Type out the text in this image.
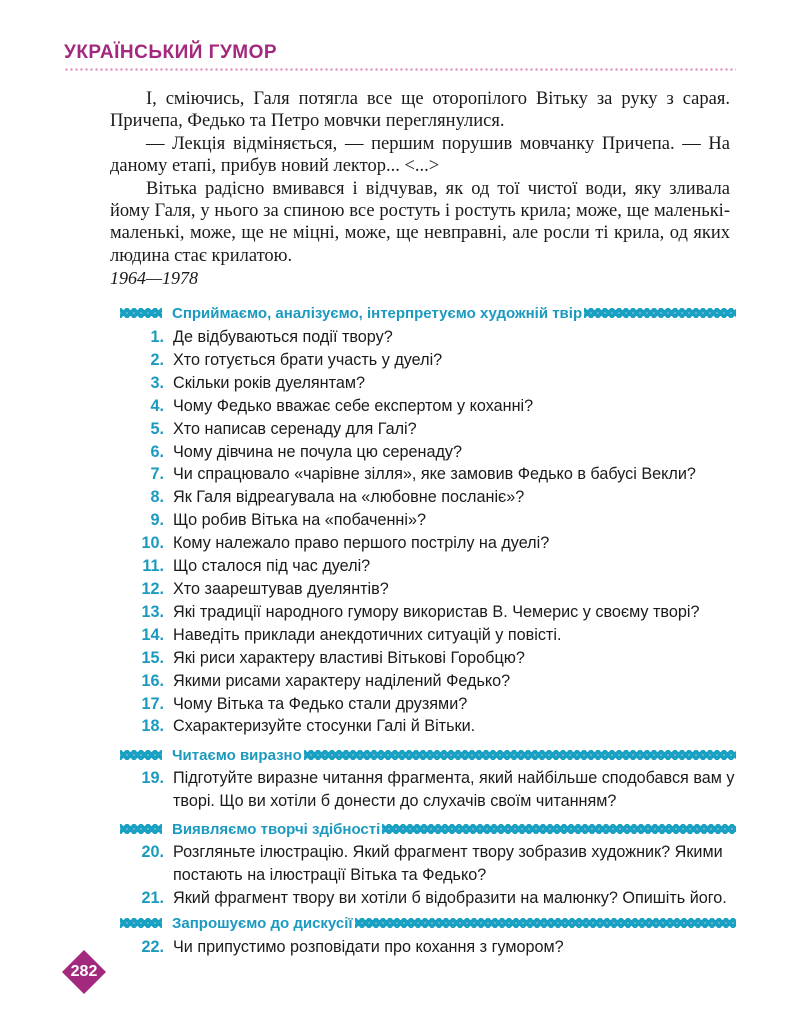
УКРАЇНСЬКИЙ ГУМОР

І, сміючись, Галя потягла все ще оторопілого Вітьку за руку з сарая. Причепа, Федько та Петро мовчки переглянулися.

— Лекція відміняється, — першим порушив мовчанку Причепа. — На даному етапі, прибув новий лектор... <...>

Вітька радісно вмивався і відчував, як од тої чистої води, яку зливала йому Галя, у нього за спиною все ростуть і ростуть крила; може, ще маленькі-маленькі, може, ще не міцні, може, ще невправні, але росли ті крила, од яких людина стає крилатою.

1964—1978
Сприймаємо, аналізуємо, інтерпретуємо художній твір
1. Де відбуваються події твору?
2. Хто готується брати участь у дуелі?
3. Скільки років дуелянтам?
4. Чому Федько вважає себе експертом у коханні?
5. Хто написав серенаду для Галі?
6. Чому дівчина не почула цю серенаду?
7. Чи спрацювало «чарівне зілля», яке замовив Федько в бабусі Векли?
8. Як Галя відреагувала на «любовне посланіє»?
9. Що робив Вітька на «побаченні»?
10. Кому належало право першого пострілу на дуелі?
11. Що сталося під час дуелі?
12. Хто заарештував дуелянтів?
13. Які традиції народного гумору використав В. Чемерис у своєму творі?
14. Наведіть приклади анекдотичних ситуацій у повісті.
15. Які риси характеру властиві Вітькові Горобцю?
16. Якими рисами характеру наділений Федько?
17. Чому Вітька та Федько стали друзями?
18. Схарактеризуйте стосунки Галі й Вітьки.
Читаємо виразно
19. Підготуйте виразне читання фрагмента, який найбільше сподобався вам у творі. Що ви хотіли б донести до слухачів своїм читанням?
Виявляємо творчі здібності
20. Розгляньте ілюстрацію. Який фрагмент твору зобразив художник? Якими постають на ілюстрації Вітька та Федько?
21. Який фрагмент твору ви хотіли б відобразити на малюнку? Опишіть його.
Запрошуємо до дискусії
22. Чи припустимо розповідати про кохання з гумором?
282
